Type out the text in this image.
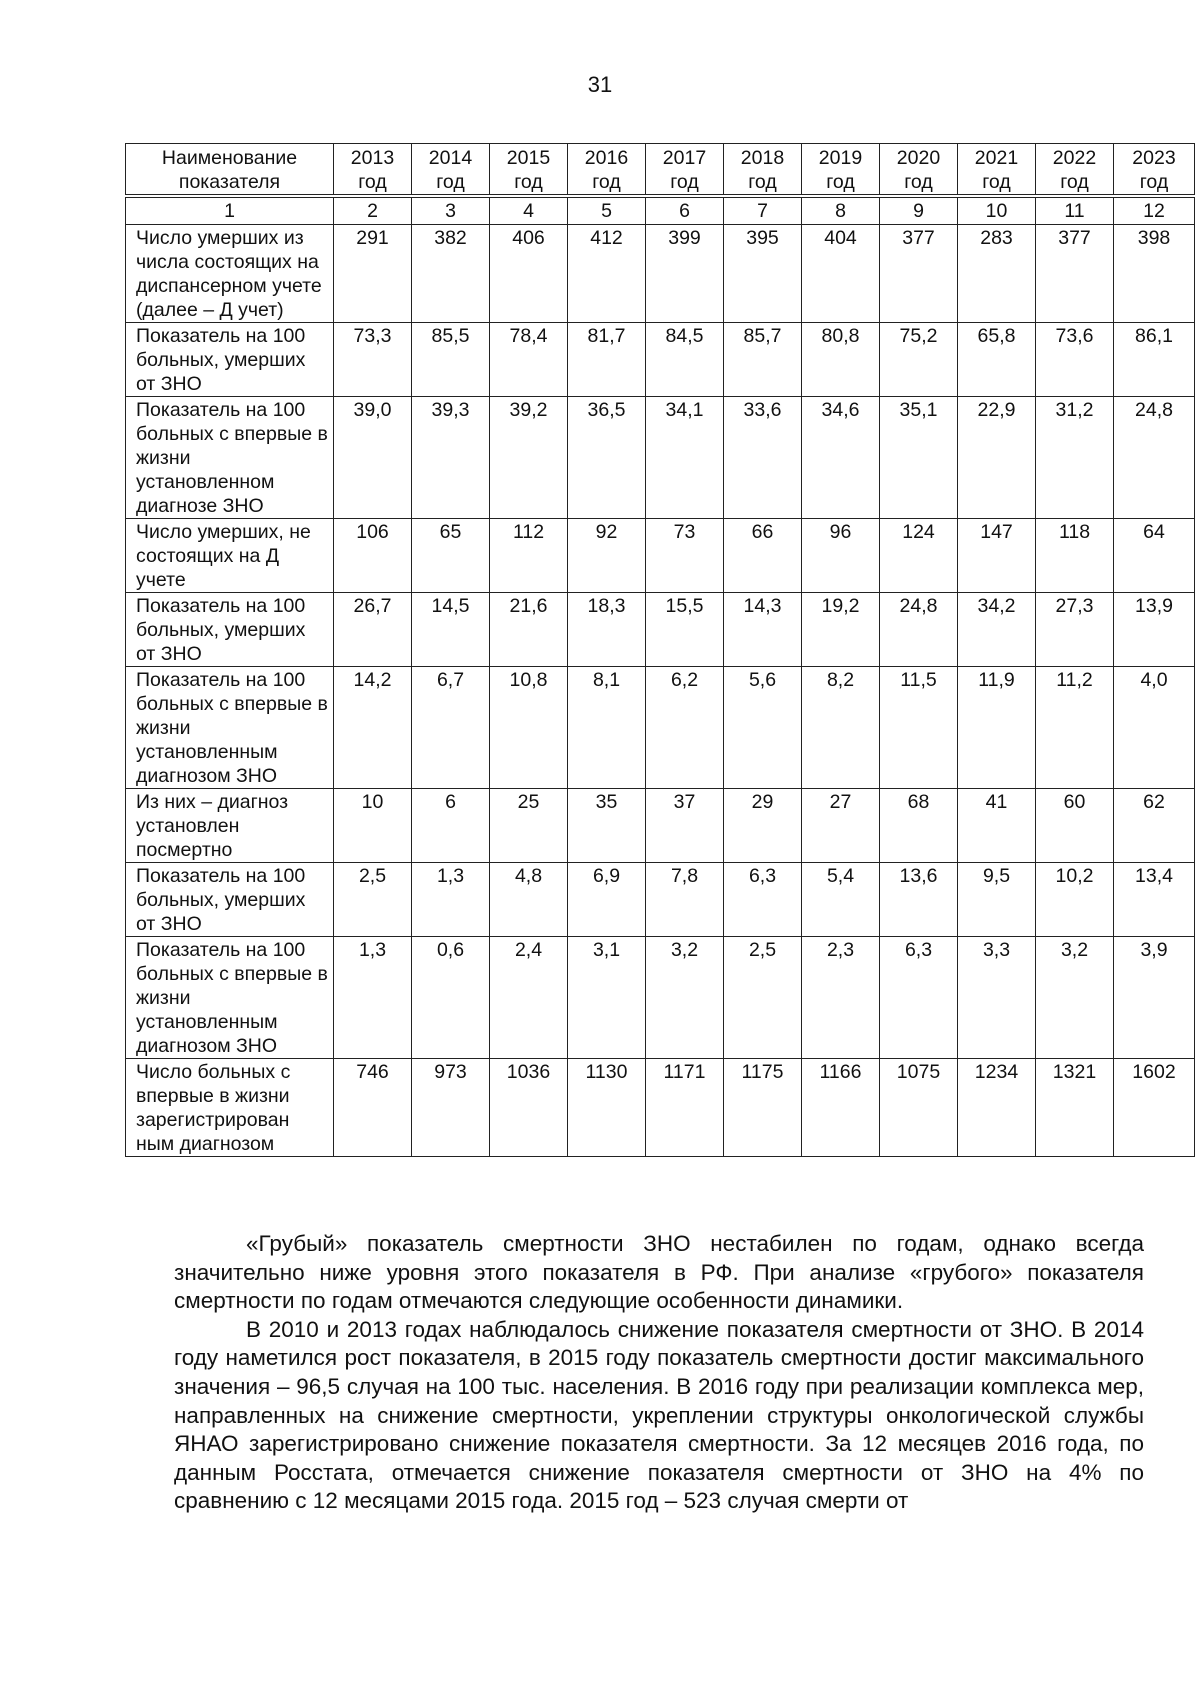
31
Наименование показателя	2013 год	2014 год	2015 год	2016 год	2017 год	2018 год	2019 год	2020 год	2021 год	2022 год	2023 год
1	2	3	4	5	6	7	8	9	10	11	12
Число умерших из числа состоящих на диспансерном учете (далее – Д учет)	291	382	406	412	399	395	404	377	283	377	398
Показатель на 100 больных, умерших от ЗНО	73,3	85,5	78,4	81,7	84,5	85,7	80,8	75,2	65,8	73,6	86,1
Показатель на 100 больных с впервые в жизни установленном диагнозе ЗНО	39,0	39,3	39,2	36,5	34,1	33,6	34,6	35,1	22,9	31,2	24,8
Число умерших, не состоящих на Д учете	106	65	112	92	73	66	96	124	147	118	64
Показатель на 100 больных, умерших от ЗНО	26,7	14,5	21,6	18,3	15,5	14,3	19,2	24,8	34,2	27,3	13,9
Показатель на 100 больных с впервые в жизни установленным диагнозом ЗНО	14,2	6,7	10,8	8,1	6,2	5,6	8,2	11,5	11,9	11,2	4,0
Из них – диагноз установлен посмертно	10	6	25	35	37	29	27	68	41	60	62
Показатель на 100 больных, умерших от ЗНО	2,5	1,3	4,8	6,9	7,8	6,3	5,4	13,6	9,5	10,2	13,4
Показатель на 100 больных с впервые в жизни установленным диагнозом ЗНО	1,3	0,6	2,4	3,1	3,2	2,5	2,3	6,3	3,3	3,2	3,9
Число больных с впервые в жизни зарегистрирован ным диагнозом	746	973	1036	1130	1171	1175	1166	1075	1234	1321	1602

«Грубый» показатель смертности ЗНО нестабилен по годам, однако всегда значительно ниже уровня этого показателя в РФ. При анализе «грубого» показателя смертности по годам отмечаются следующие особенности динамики.

В 2010 и 2013 годах наблюдалось снижение показателя смертности от ЗНО. В 2014 году наметился рост показателя, в 2015 году показатель смертности достиг максимального значения – 96,5 случая на 100 тыс. населения. В 2016 году при реализации комплекса мер, направленных на снижение смертности, укреплении структуры онкологической службы ЯНАО зарегистрировано снижение показателя смертности. За 12 месяцев 2016 года, по данным Росстата, отмечается снижение показателя смертности от ЗНО на 4% по сравнению с 12 месяцами 2015 года. 2015 год – 523 случая смерти от
